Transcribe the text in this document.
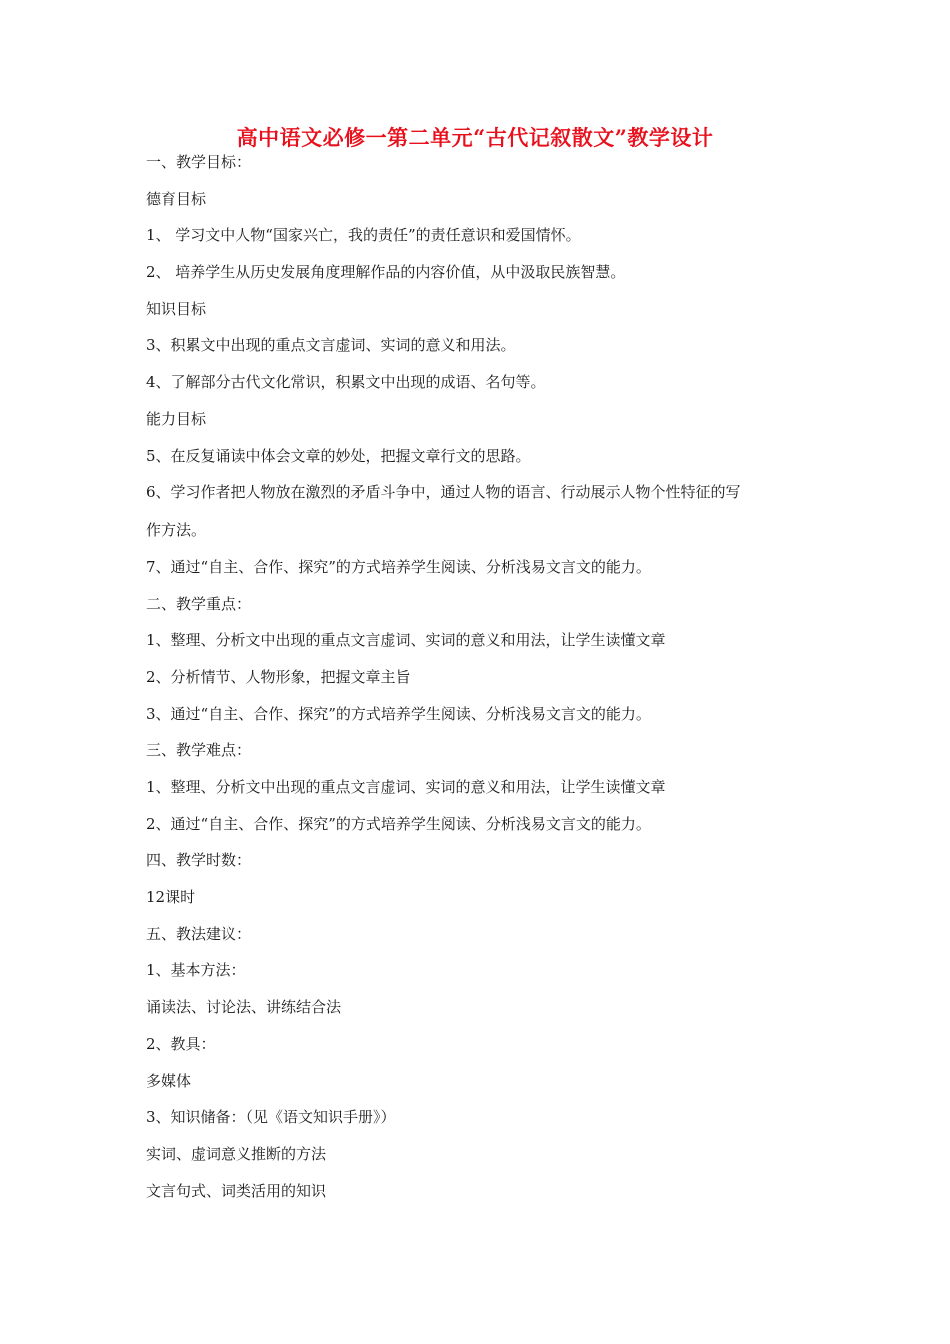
高中语文必修一第二单元“古代记叙散文”教学设计
一、教学目标：
德育目标
1、 学习文中人物“国家兴亡，我的责任”的责任意识和爱国情怀。
2、 培养学生从历史发展角度理解作品的内容价值，从中汲取民族智慧。
知识目标
3、积累文中出现的重点文言虚词、实词的意义和用法。
4、了解部分古代文化常识，积累文中出现的成语、名句等。
能力目标
5、在反复诵读中体会文章的妙处，把握文章行文的思路。
6、学习作者把人物放在激烈的矛盾斗争中，通过人物的语言、行动展示人物个性特征的写
作方法。
7、通过“自主、合作、探究”的方式培养学生阅读、分析浅易文言文的能力。
二、教学重点：
1、整理、分析文中出现的重点文言虚词、实词的意义和用法，让学生读懂文章
2、分析情节、人物形象，把握文章主旨
3、通过“自主、合作、探究”的方式培养学生阅读、分析浅易文言文的能力。
三、教学难点：
1、整理、分析文中出现的重点文言虚词、实词的意义和用法，让学生读懂文章
2、通过“自主、合作、探究”的方式培养学生阅读、分析浅易文言文的能力。
四、教学时数：
12课时
五、教法建议：
1、基本方法：
诵读法、讨论法、讲练结合法
2、教具：
多媒体
3、知识储备：（见《语文知识手册》）
实词、虚词意义推断的方法
文言句式、词类活用的知识
